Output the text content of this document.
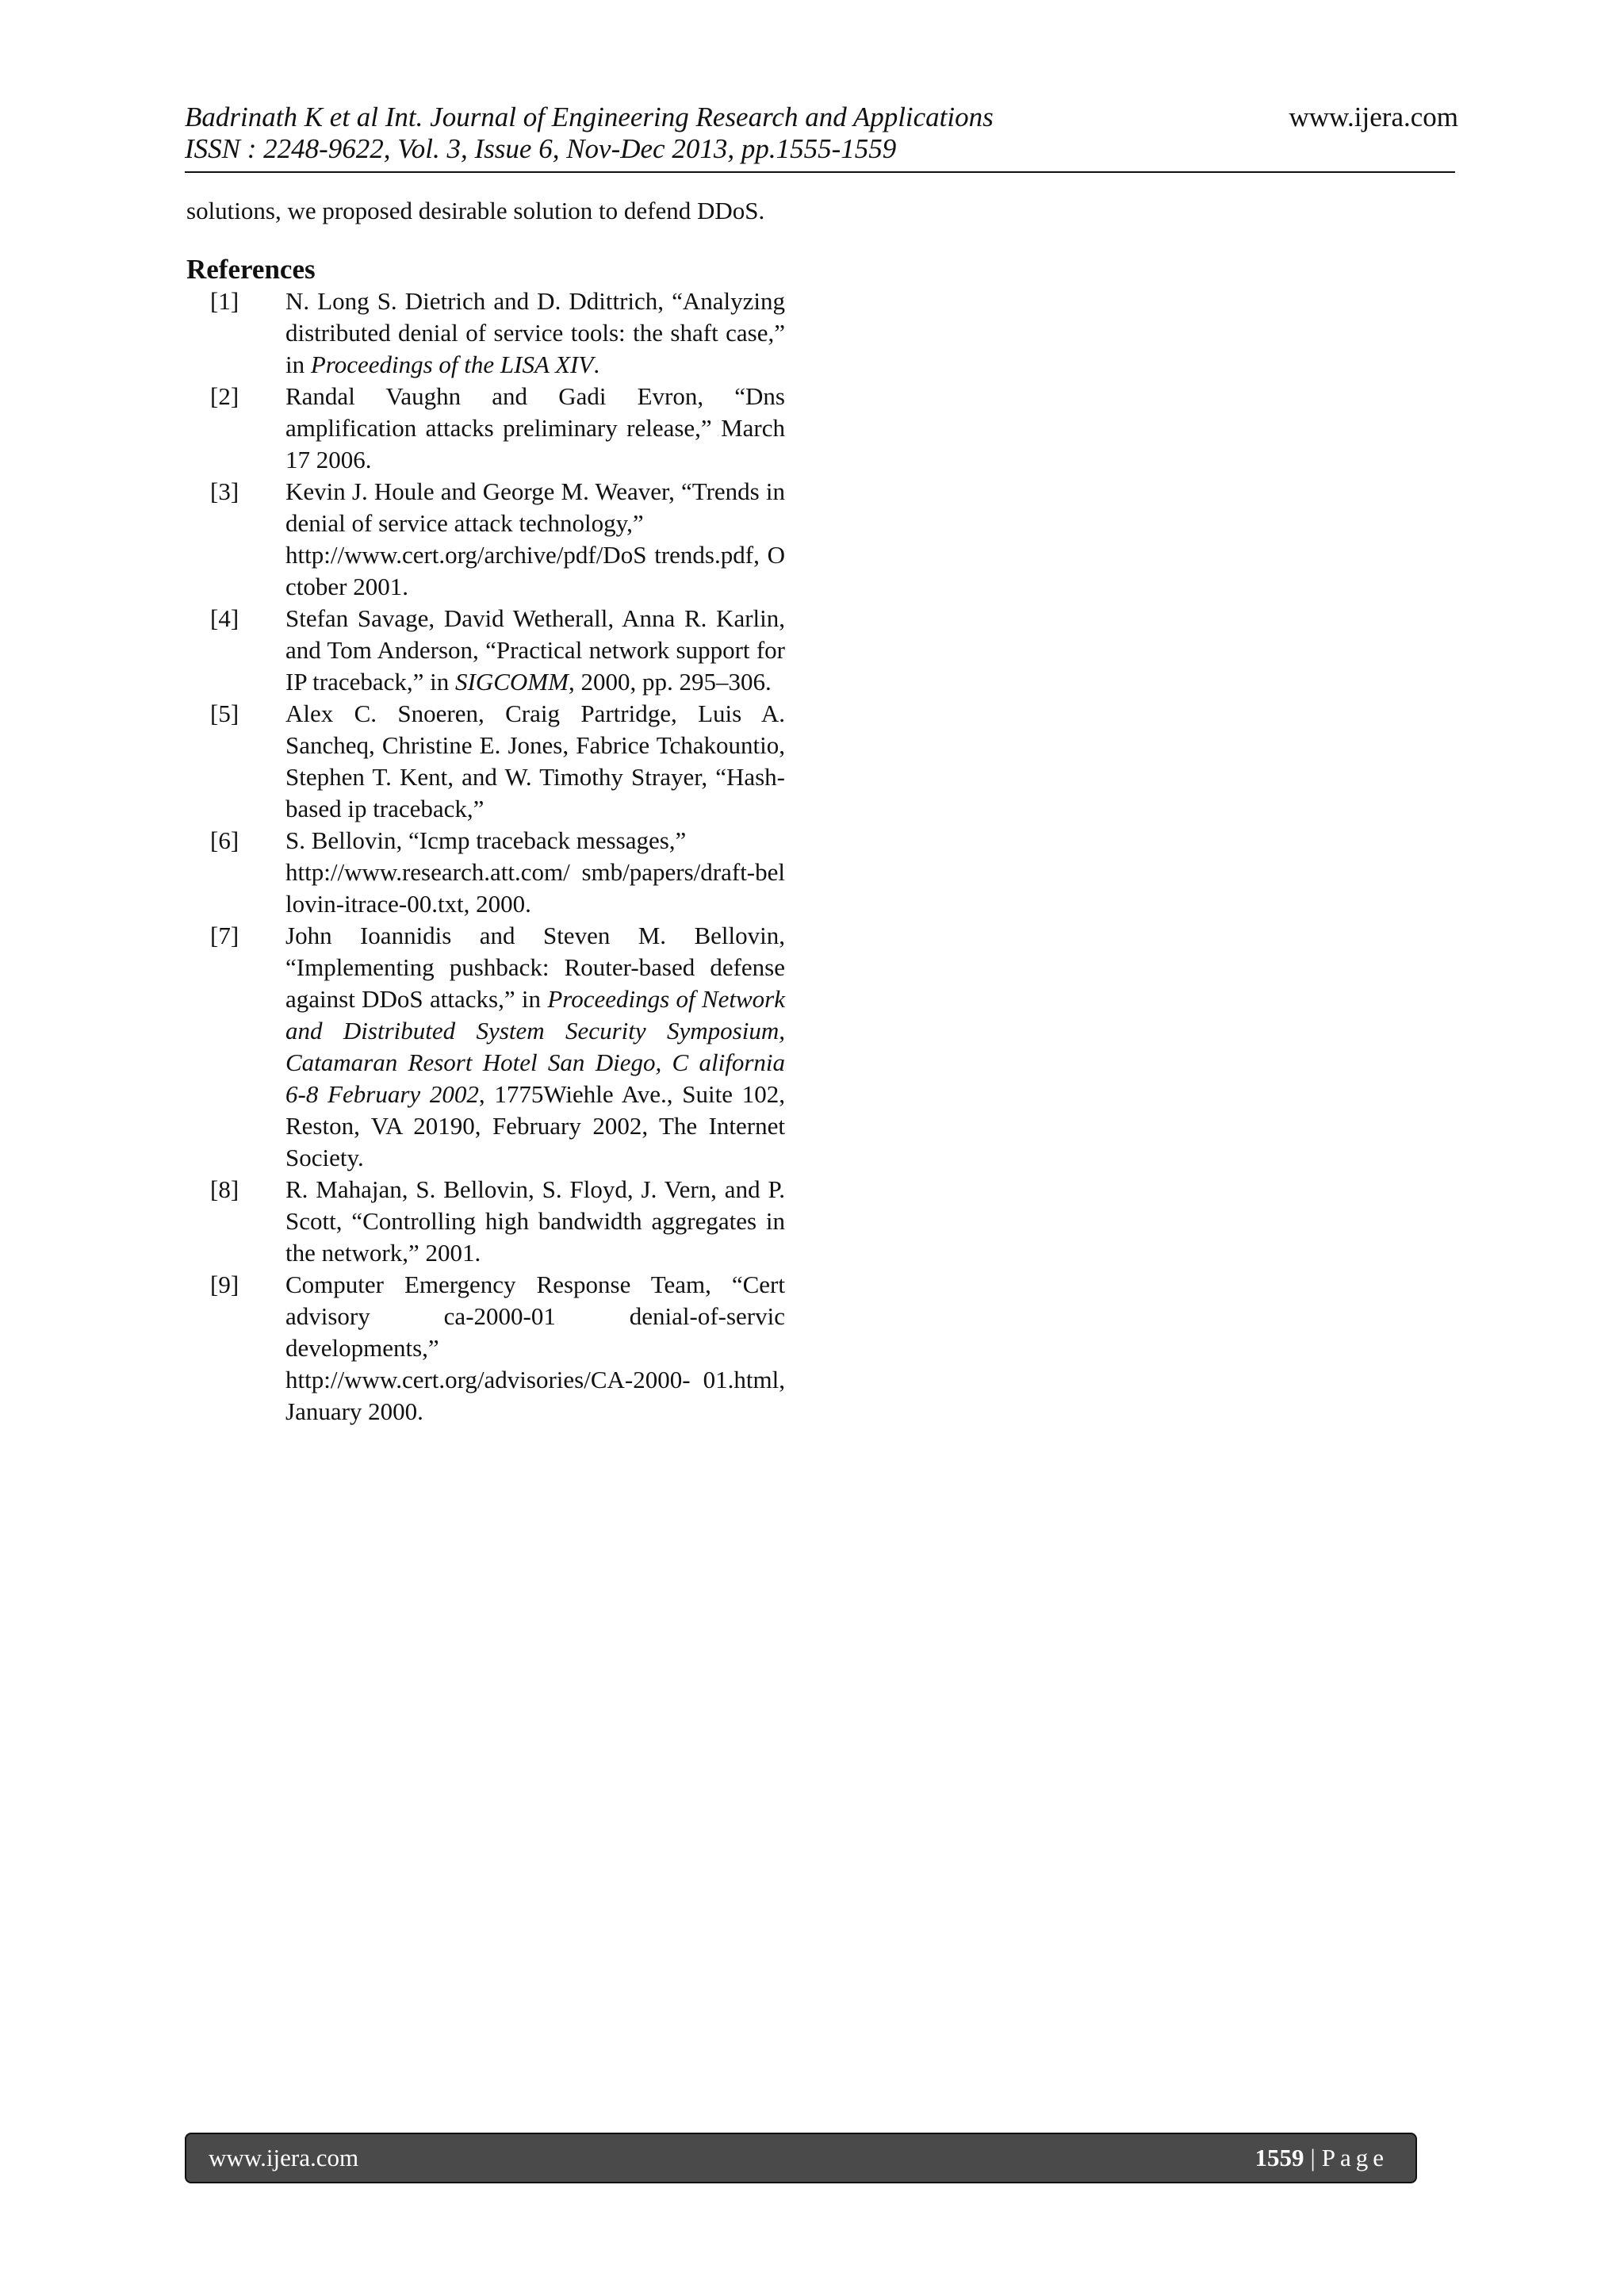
Badrinath K et al Int. Journal of Engineering Research and Applications	www.ijera.com
ISSN : 2248-9622, Vol. 3, Issue 6, Nov-Dec 2013, pp.1555-1559

solutions, we proposed desirable solution to defend DDoS.

References
[1]	N. Long S. Dietrich and D. Ddittrich, “Analyzing distributed denial of service tools: the shaft case,” in Proceedings of the LISA XIV.
[2]	Randal Vaughn and Gadi Evron, “Dns amplification attacks preliminary release,” March 17 2006.
[3]	Kevin J. Houle and George M. Weaver, “Trends in denial of service attack technology,”
http://www.cert.org/archive/pdf/DoS trends.pdf, October 2001.
[4]	Stefan Savage, David Wetherall, Anna R. Karlin, and Tom Anderson, “Practical network support for IP traceback,” in SIGCOMM, 2000, pp. 295–306.
[5]	Alex C. Snoeren, Craig Partridge, Luis A. Sancheq, Christine E. Jones, Fabrice Tchakountio, Stephen T. Kent, and W. Timothy Strayer, “Hash-based ip traceback,”
[6]	S. Bellovin, “Icmp traceback messages,”
http://www.research.att.com/ smb/papers/draft-bellovin-itrace-00.txt, 2000.
[7]	John Ioannidis and Steven M. Bellovin, “Implementing pushback: Router-based defense against DDoS attacks,” in Proceedings of Network and Distributed System Security Symposium, Catamaran Resort Hotel San Diego, C alifornia 6-8 February 2002, 1775Wiehle Ave., Suite 102, Reston, VA 20190, February 2002, The Internet Society.
[8]	R. Mahajan, S. Bellovin, S. Floyd, J. Vern, and P. Scott, “Controlling high bandwidth aggregates in the network,” 2001.
[9]	Computer Emergency Response Team, “Cert advisory ca-2000-01 denial-of-servic developments,”
http://www.cert.org/advisories/CA-2000- 01.html, January 2000.
www.ijera.com	1559 | Page
